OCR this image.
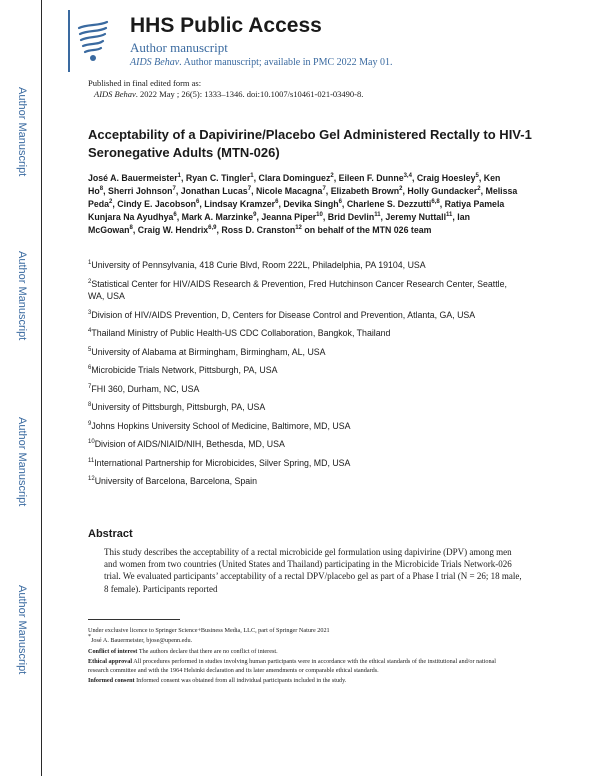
Author Manuscript
Author Manuscript
Author Manuscript
Author Manuscript
HHS Public Access
Author manuscript
AIDS Behav. Author manuscript; available in PMC 2022 May 01.
Published in final edited form as:
AIDS Behav. 2022 May ; 26(5): 1333–1346. doi:10.1007/s10461-021-03490-8.
Acceptability of a Dapivirine/Placebo Gel Administered Rectally to HIV-1 Seronegative Adults (MTN-026)
José A. Bauermeister$^1$, Ryan C. Tingler$^1$, Clara Dominguez$^2$, Eileen F. Dunne$^{3,4}$, Craig Hoesley$^5$, Ken Ho$^8$, Sherri Johnson$^7$, Jonathan Lucas$^7$, Nicole Macagna$^7$, Elizabeth Brown$^2$, Holly Gundacker$^2$, Melissa Peda$^2$, Cindy E. Jacobson$^6$, Lindsay Kramzer$^6$, Devika Singh$^6$, Charlene S. Dezzutti$^{6,8}$, Ratiya Pamela Kunjara Na Ayudhya$^6$, Mark A. Marzinke$^9$, Jeanna Piper$^{10}$, Brid Devlin$^{11}$, Jeremy Nuttall$^{11}$, Ian McGowan$^8$, Craig W. Hendrix$^{6,9}$, Ross D. Cranston$^{12}$ on behalf of the MTN 026 team

$^1$University of Pennsylvania, 418 Curie Blvd, Room 222L, Philadelphia, PA 19104, USA

$^2$Statistical Center for HIV/AIDS Research & Prevention, Fred Hutchinson Cancer Research Center, Seattle, WA, USA

$^3$Division of HIV/AIDS Prevention, D, Centers for Disease Control and Prevention, Atlanta, GA, USA

$^4$Thailand Ministry of Public Health-US CDC Collaboration, Bangkok, Thailand

$^5$University of Alabama at Birmingham, Birmingham, AL, USA

$^6$Microbicide Trials Network, Pittsburgh, PA, USA

$^7$FHI 360, Durham, NC, USA

$^8$University of Pittsburgh, Pittsburgh, PA, USA

$^9$Johns Hopkins University School of Medicine, Baltimore, MD, USA

$^{10}$Division of AIDS/NIAID/NIH, Bethesda, MD, USA

$^{11}$International Partnership for Microbicides, Silver Spring, MD, USA

$^{12}$University of Barcelona, Barcelona, Spain

Abstract
This study describes the acceptability of a rectal microbicide gel formulation using dapivirine (DPV) among men and women from two countries (United States and Thailand) participating in the Microbicide Trials Network-026 trial. We evaluated participants’ acceptability of a rectal DPV/placebo gel as part of a Phase I trial (N = 26; 18 male, 8 female). Participants reported

Under exclusive licence to Springer Science+Business Media, LLC, part of Springer Nature 2021

*José A. Bauermeister, bjose@upenn.edu.

Conflict of interest The authors declare that there are no conflict of interest.

Ethical approval All procedures performed in studies involving human participants were in accordance with the ethical standards of the institutional and/or national research committee and with the 1964 Helsinki declaration and its later amendments or comparable ethical standards.

Informed consent Informed consent was obtained from all individual participants included in the study.
